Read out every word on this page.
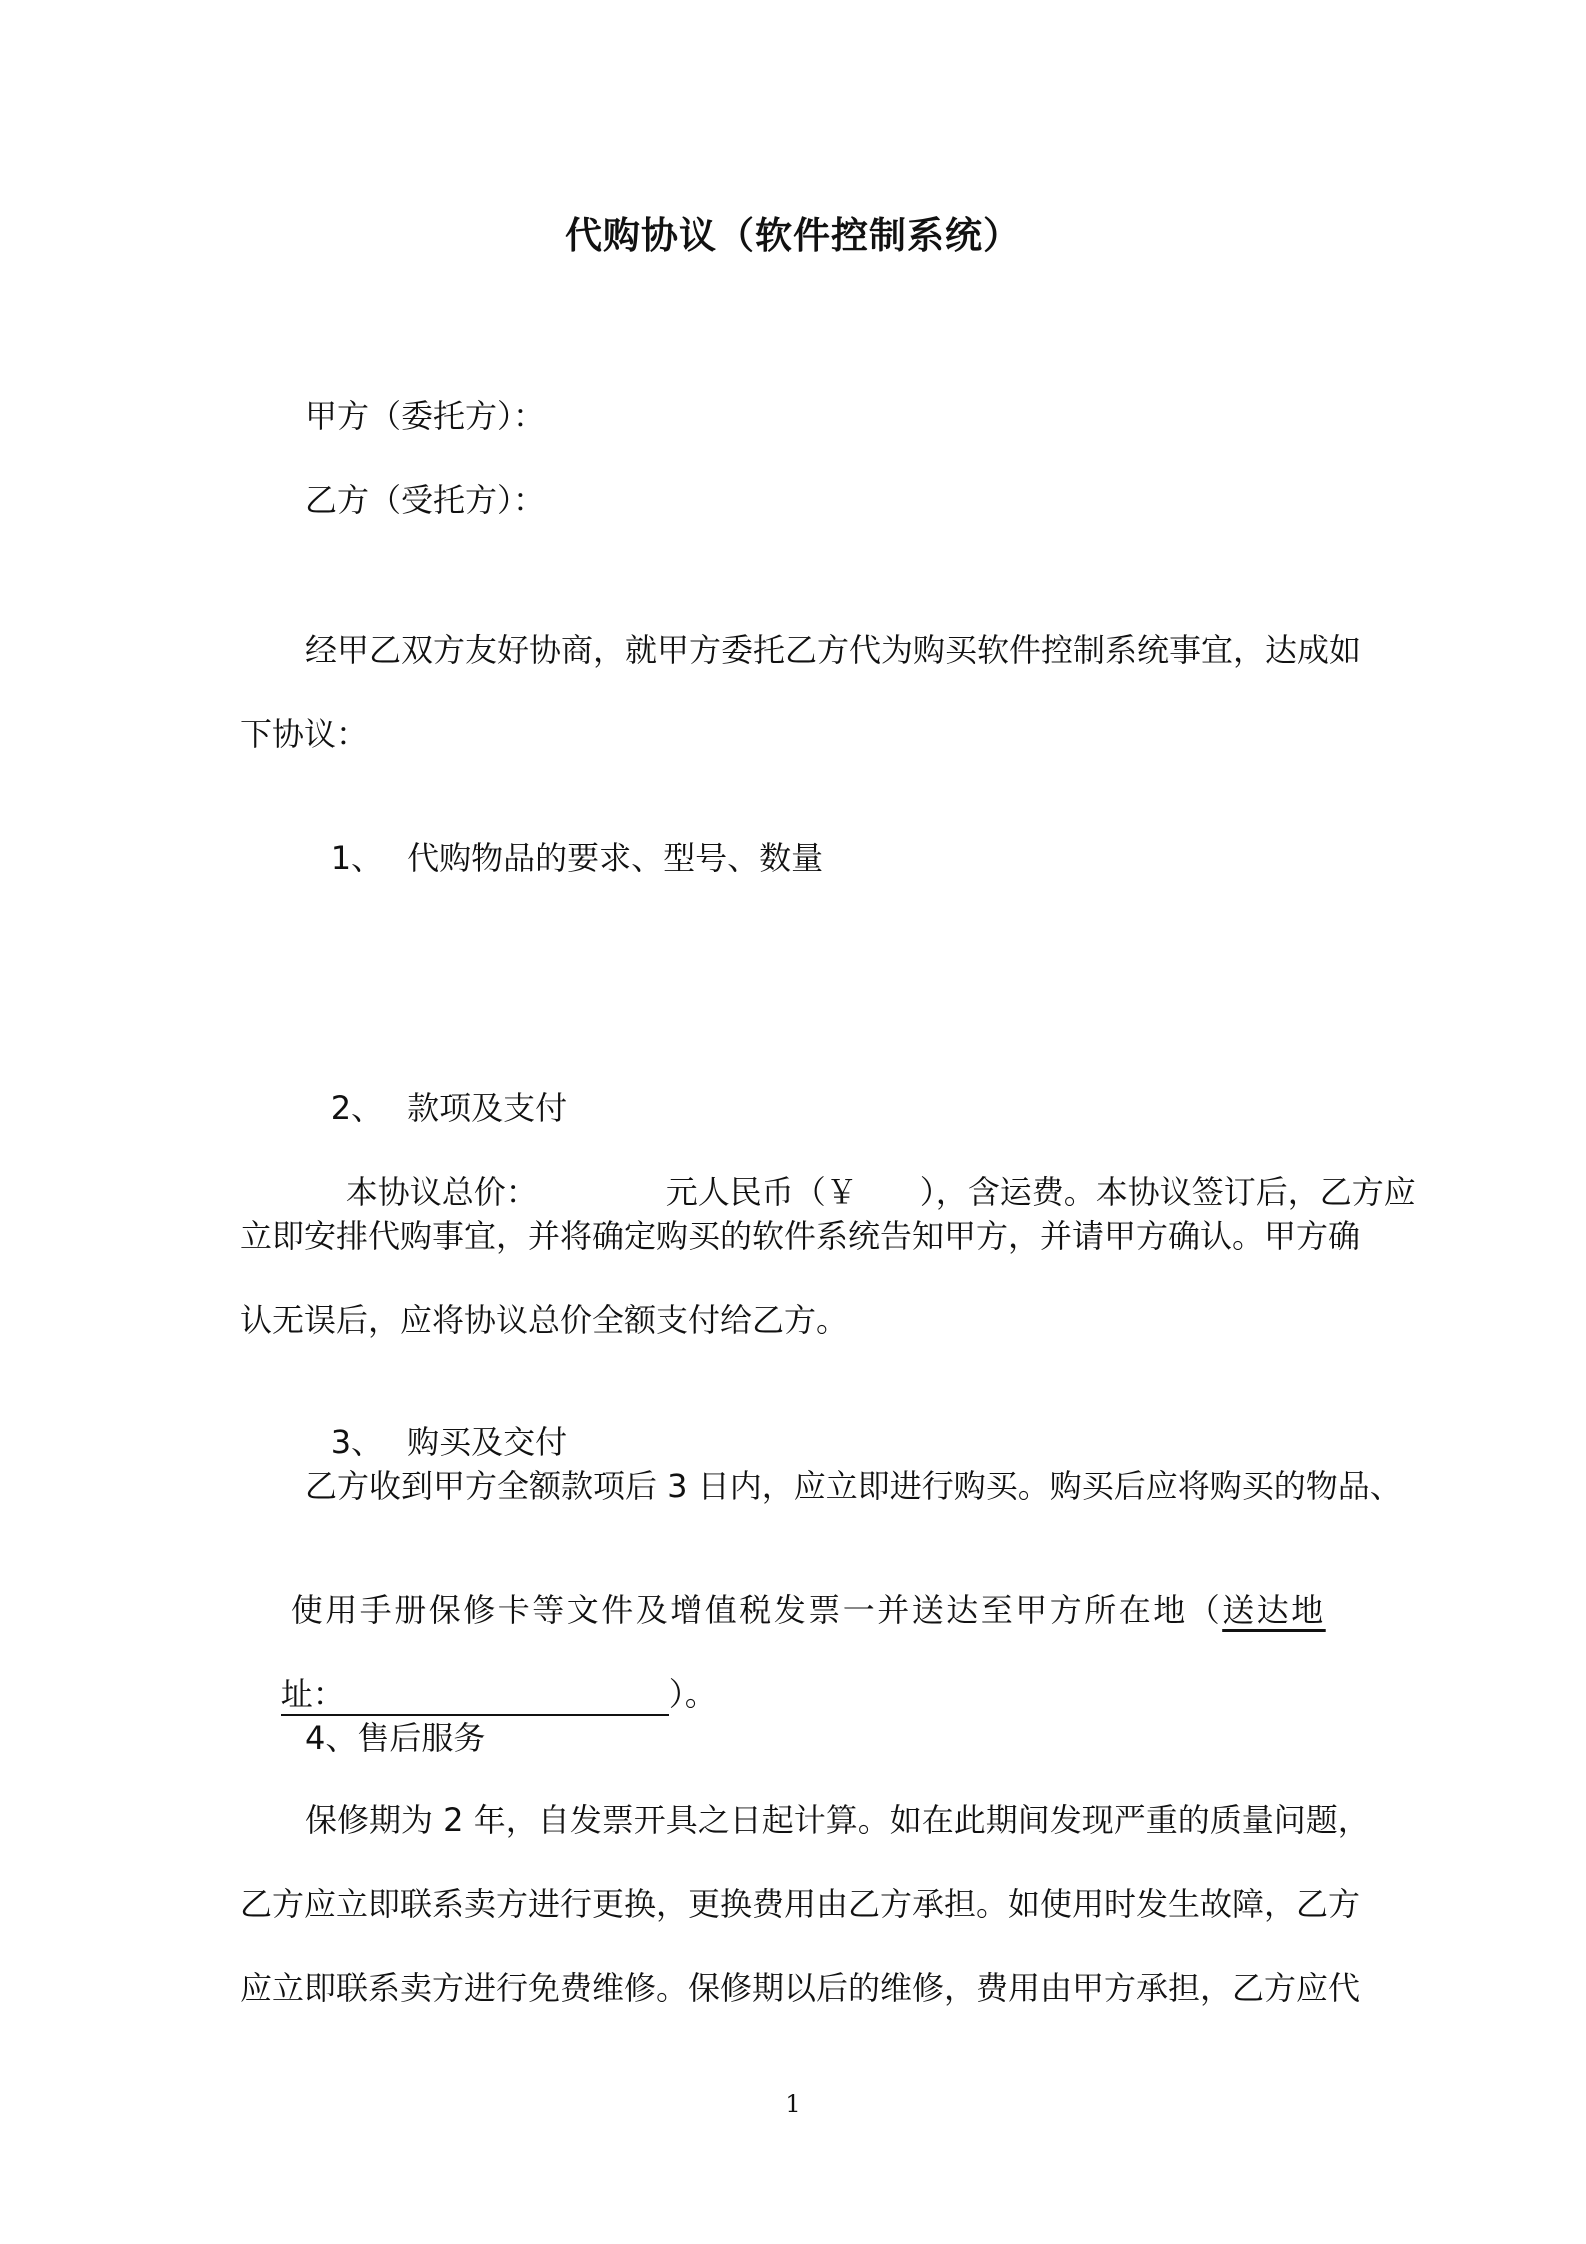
代购协议（软件控制系统）
甲方（委托方）：
乙方（受托方）：
经甲乙双方友好协商，就甲方委托乙方代为购买软件控制系统事宜，达成如
下协议：

1、 代购物品的要求、型号、数量

2、 款项及支付

本协议总价：	元人民币（￥ ），含运费。本协议签订后，乙方应

立即安排代购事宜，并将确定购买的软件系统告知甲方，并请甲方确认。甲方确
认无误后，应将协议总价全额支付给乙方。

3、 购买及交付

乙方收到甲方全额款项后 3 日内，应立即进行购买。购买后应将购买的物品、

使用手册保修卡等文件及增值税发票一并送达至甲方所在地（送达地

址：	）。

4、售后服务
保修期为 2 年，自发票开具之日起计算。如在此期间发现严重的质量问题，
乙方应立即联系卖方进行更换，更换费用由乙方承担。如使用时发生故障，乙方
应立即联系卖方进行免费维修。保修期以后的维修，费用由甲方承担，乙方应代
1
